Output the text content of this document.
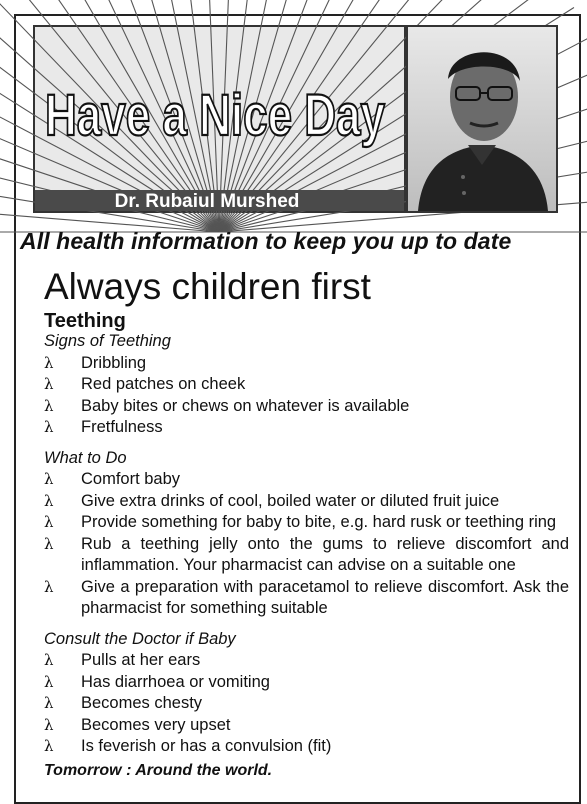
Have a Nice Day
Dr. Rubaiul Murshed
All health information to keep you up to date
Always children first
Teething

Signs of Teething

λ Dribbling
λ Red patches on cheek
λ Baby bites or chews on whatever is available
λ Fretfulness

What to Do

λ Comfort baby
λ Give extra drinks of cool, boiled water or diluted fruit juice
λ Provide something for baby to bite, e.g. hard rusk or teething ring
λ Rub a teething jelly onto the gums to relieve discomfort and inflammation. Your pharmacist can advise on a suitable one
λ Give a preparation with paracetamol to relieve discomfort. Ask the pharmacist for something suitable

Consult the Doctor if Baby

λ Pulls at her ears
λ Has diarrhoea or vomiting
λ Becomes chesty
λ Becomes very upset
λ Is feverish or has a convulsion (fit)
Tomorrow : Around the world.
